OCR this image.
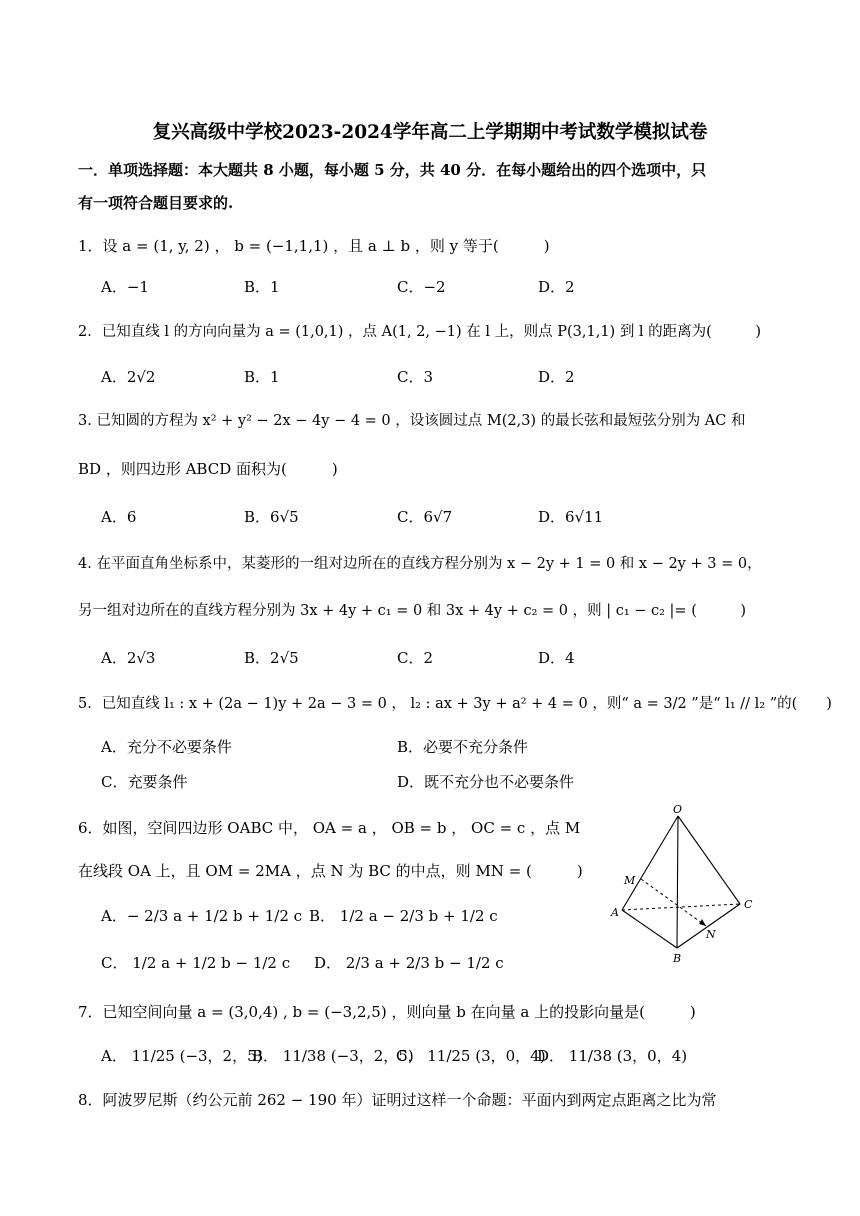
复兴高级中学校2023-2024学年高二上学期期中考试数学模拟试卷
一．单项选择题：本大题共 8 小题，每小题 5 分，共 40 分．在每小题给出的四个选项中，只
有一项符合题目要求的.
1．设 a = (1, y, 2) ， b = (−1,1,1) ，且 a ⊥ b ，则 y 等于(　　　)
A．−1	B．1	C．−2	D．2
2．已知直线 l 的方向向量为 a = (1,0,1) ，点 A(1, 2, −1) 在 l 上，则点 P(3,1,1) 到 l 的距离为(　　　)
A．2√2	B．1	C．3	D．2
3. 已知圆的方程为 x² + y² − 2x − 4y − 4 = 0 ，设该圆过点 M(2,3) 的最长弦和最短弦分别为 AC 和
BD ，则四边形 ABCD 面积为(　　　)
A．6	B．6√5	C．6√7	D．6√11
4. 在平面直角坐标系中，某菱形的一组对边所在的直线方程分别为 x − 2y + 1 = 0 和 x − 2y + 3 = 0，
另一组对边所在的直线方程分别为 3x + 4y + c₁ = 0 和 3x + 4y + c₂ = 0 ，则 | c₁ − c₂ |= (　　　)
A．2√3	B．2√5	C．2	D．4
5．已知直线 l₁ : x + (2a − 1)y + 2a − 3 = 0 ， l₂ : ax + 3y + a² + 4 = 0 ，则“ a = 3/2 ”是“ l₁ // l₂ ”的(　　)
A．充分不必要条件	B．必要不充分条件
C．充要条件	D．既不充分也不必要条件
6．如图，空间四边形 OABC 中， OA = a ， OB = b ， OC = c ，点 M
在线段 OA 上，且 OM = 2MA ，点 N 为 BC 的中点，则 MN = (　　　)
A．− 2/3 a + 1/2 b + 1/2 c B． 1/2 a − 2/3 b + 1/2 c
C． 1/2 a + 1/2 b − 1/2 c D． 2/3 a + 2/3 b − 1/2 c
O
M
A
C
N
B
7．已知空间向量 a = (3,0,4) , b = (−3,2,5) ，则向量 b 在向量 a 上的投影向量是(　　　)
A． 11/25 (−3，2，5)
B． 11/38 (−3，2，5)
C． 11/25 (3，0，4)
D． 11/38 (3，0，4)
8．阿波罗尼斯（约公元前 262 − 190 年）证明过这样一个命题：平面内到两定点距离之比为常
